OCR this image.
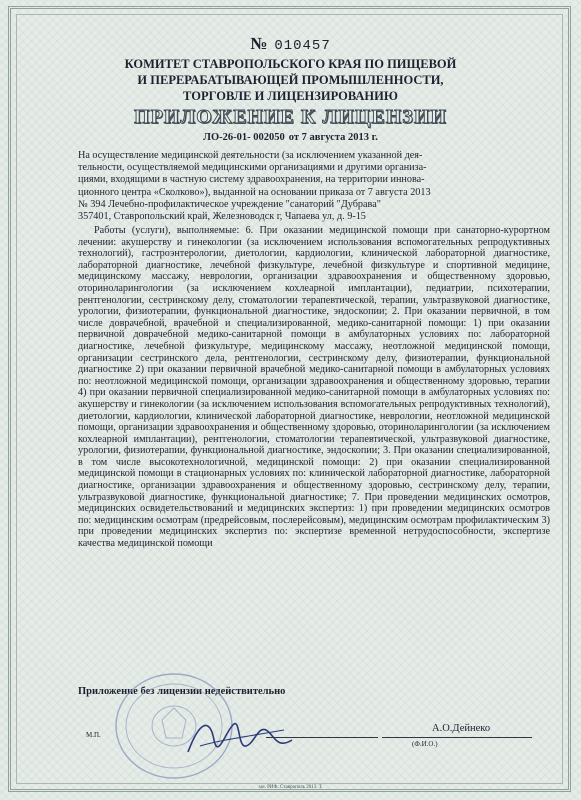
№ 010457
КОМИТЕТ СТАВРОПОЛЬСКОГО КРАЯ ПО ПИЩЕВОЙ
И ПЕРЕРАБАТЫВАЮЩЕЙ ПРОМЫШЛЕННОСТИ,
ТОРГОВЛЕ И ЛИЦЕНЗИРОВАНИЮ
ПРИЛОЖЕНИЕ К ЛИЦЕНЗИИ
ЛО-26-01- 002050 от 7 августа 2013 г.
На осуществление медицинской деятельности (за исключением указанной дея-
тельности, осуществляемой медицинскими организациями и другими организа-
циями, входящими в частную систему здравоохранения, на территории иннова-
ционного центра «Сколково»), выданной на основании приказа от 7 августа 2013
№ 394 Лечебно-профилактическое учреждение "санаторий "Дубрава"
357401, Ставропольский край, Железноводск г, Чапаева ул, д. 9-15
Работы (услуги), выполняемые: 6. При оказании медицинской помощи при санаторно-курортном лечении: акушерству и гинекологии (за исключением использования вспомогательных репродуктивных технологий), гастроэнтерологии, диетологии, кардиологии, клинической лабораторной диагностике, лабораторной диагностике, лечебной физкультуре, лечебной физкультуре и спортивной медицине, медицинскому массажу, неврологии, организации здравоохранения и общественному здоровью, оториноларингологии (за исключением кохлеарной имплантации), педиатрии, психотерапии, рентгенологии, сестринскому делу, стоматологии терапевтической, терапии, ультразвуковой диагностике, урологии, физиотерапии, функциональной диагностике, эндоскопии; 2. При оказании первичной, в том числе доврачебной, врачебной и специализированной, медико-санитарной помощи: 1) при оказании первичной доврачебной медико-санитарной помощи в амбулаторных условиях по: лабораторной диагностике, лечебной физкультуре, медицинскому массажу, неотложной медицинской помощи, организации сестринского дела, рентгенологии, сестринскому делу, физиотерапии, функциональной диагностике 2) при оказании первичной врачебной медико-санитарной помощи в амбулаторных условиях по: неотложной медицинской помощи, организации здравоохранения и общественному здоровью, терапии 4) при оказании первичной специализированной медико-санитарной помощи в амбулаторных условиях по: акушерству и гинекологии (за исключением использования вспомогательных репродуктивных технологий), диетологии, кардиологии, клинической лабораторной диагностике, неврологии, неотложной медицинской помощи, организации здравоохранения и общественному здоровью, оториноларингологии (за исключением кохлеарной имплантации), рентгенологии, стоматологии терапевтической, ультразвуковой диагностике, урологии, физиотерапии, функциональной диагностике, эндоскопии; 3. При оказании специализированной, в том числе высокотехнологичной, медицинской помощи: 2) при оказании специализированной медицинской помощи в стационарных условиях по: клинической лабораторной диагностике, лабораторной диагностике, организации здравоохранения и общественному здоровью, сестринскому делу, терапии, ультразвуковой диагностике, функциональной диагностике; 7. При проведении медицинских осмотров, медицинских освидетельствований и медицинских экспертиз: 1) при проведении медицинских осмотров по: медицинским осмотрам (предрейсовым, послерейсовым), медицинским осмотрам профилактическим 3) при проведении медицинских экспертиз по: экспертизе временной нетрудоспособности, экспертизе качества медицинской помощи
Приложение без лицензии недействительно
М.П.
А.О.Дейнеко
(Ф.И.О.)
заз. РИФ. Ставрополь 2013. Т.
